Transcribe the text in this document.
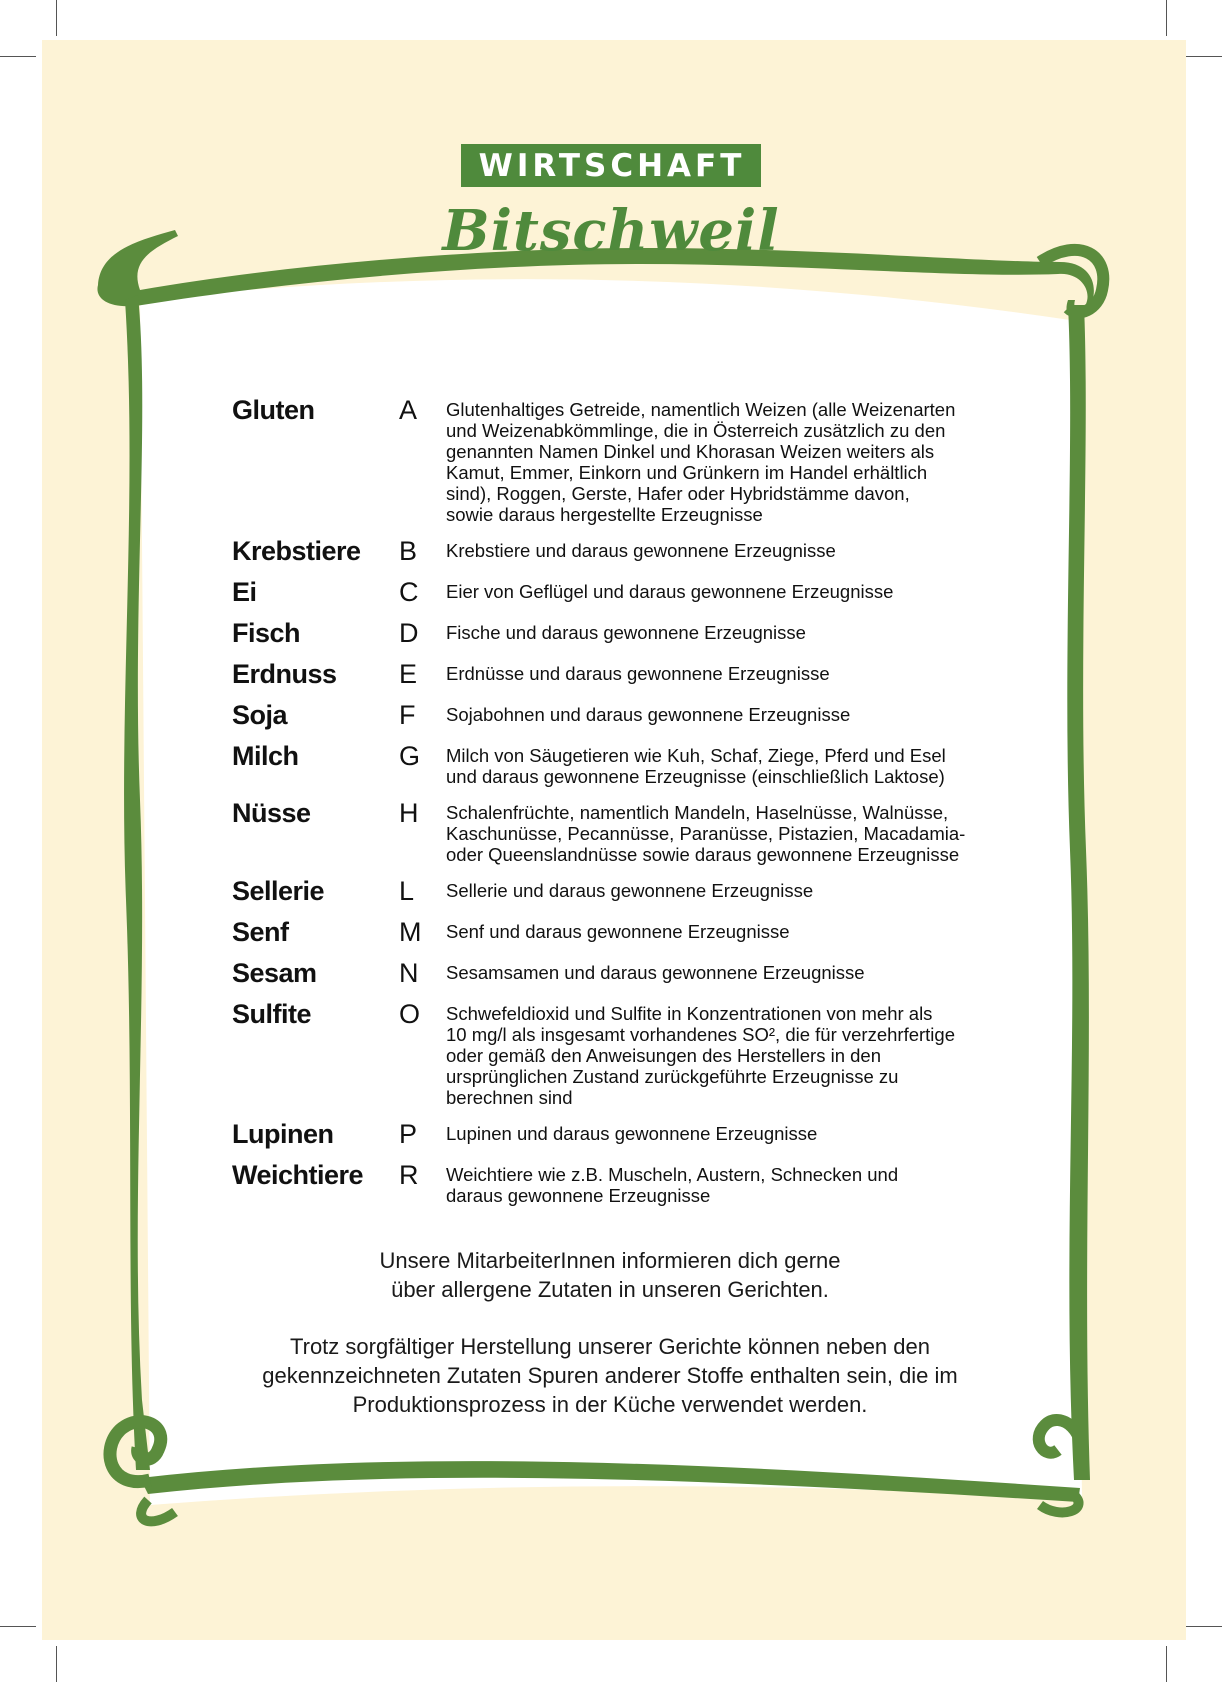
WIRTSCHAFT
Bitschweil
Gluten	A	Glutenhaltiges Getreide, namentlich Weizen (alle Weizenarten
und Weizenabkömmlinge, die in Österreich zusätzlich zu den
genannten Namen Dinkel und Khorasan Weizen weiters als
Kamut, Emmer, Einkorn und Grünkern im Handel erhältlich
sind), Roggen, Gerste, Hafer oder Hybridstämme davon,
sowie daraus hergestellte Erzeugnisse
Krebstiere	B	Krebstiere und daraus gewonnene Erzeugnisse
Ei	C	Eier von Geflügel und daraus gewonnene Erzeugnisse
Fisch	D	Fische und daraus gewonnene Erzeugnisse
Erdnuss	E	Erdnüsse und daraus gewonnene Erzeugnisse
Soja	F	Sojabohnen und daraus gewonnene Erzeugnisse
Milch	G	Milch von Säugetieren wie Kuh, Schaf, Ziege, Pferd und Esel
und daraus gewonnene Erzeugnisse (einschließlich Laktose)
Nüsse	H	Schalenfrüchte, namentlich Mandeln, Haselnüsse, Walnüsse,
Kaschunüsse, Pecannüsse, Paranüsse, Pistazien, Macadamia-
oder Queenslandnüsse sowie daraus gewonnene Erzeugnisse
Sellerie	L	Sellerie und daraus gewonnene Erzeugnisse
Senf	M	Senf und daraus gewonnene Erzeugnisse
Sesam	N	Sesamsamen und daraus gewonnene Erzeugnisse
Sulfite	O	Schwefeldioxid und Sulfite in Konzentrationen von mehr als
10 mg/l als insgesamt vorhandenes SO², die für verzehrfertige
oder gemäß den Anweisungen des Herstellers in den
ursprünglichen Zustand zurückgeführte Erzeugnisse zu
berechnen sind
Lupinen	P	Lupinen und daraus gewonnene Erzeugnisse
Weichtiere	R	Weichtiere wie z.B. Muscheln, Austern, Schnecken und
daraus gewonnene Erzeugnisse
Unsere MitarbeiterInnen informieren dich gerne
über allergene Zutaten in unseren Gerichten.
Trotz sorgfältiger Herstellung unserer Gerichte können neben den
gekennzeichneten Zutaten Spuren anderer Stoffe enthalten sein, die im
Produktionsprozess in der Küche verwendet werden.
